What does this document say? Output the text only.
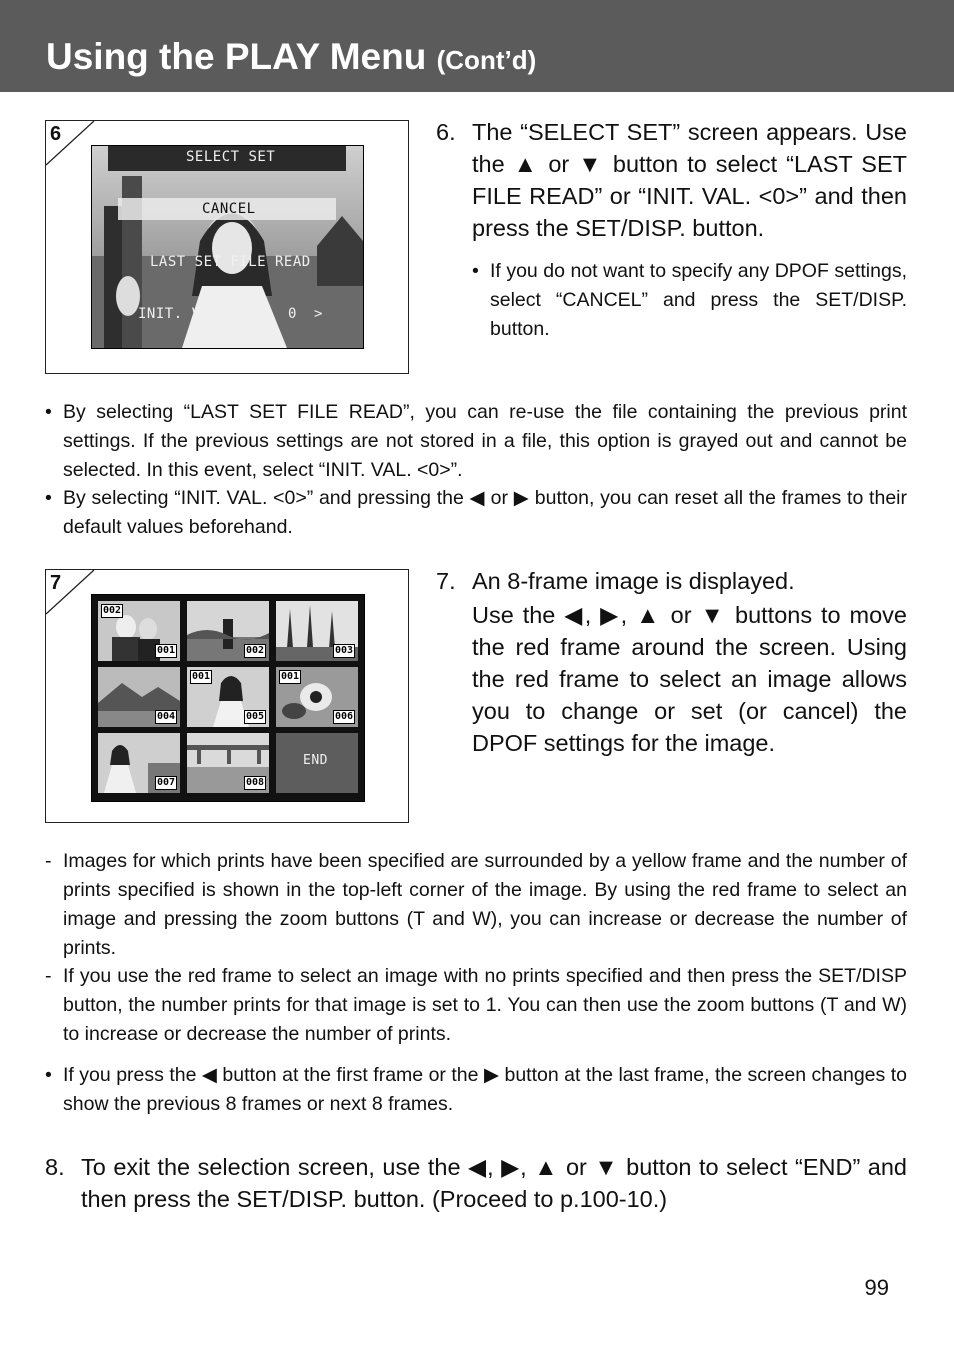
Using the PLAY Menu (Cont’d)
6
SELECT SET
CANCEL
LAST SET FILE READ
INIT. VAL. < 0 >
6. The “SELECT SET” screen appears. Use the ▲ or ▼ button to select “LAST SET FILE READ” or “INIT. VAL. <0>” and then press the SET/DISP. button.
• If you do not want to specify any DPOF settings, select “CANCEL” and press the SET/DISP. button.
• By selecting “LAST SET FILE READ”, you can re-use the file containing the previous print settings. If the previous settings are not stored in a file, this option is grayed out and cannot be selected. In this event, select “INIT. VAL. <0>”.
• By selecting “INIT. VAL. <0>” and pressing the ◀ or ▶ button, you can reset all the frames to their default values beforehand.
7
002
001	002	003
004
001
005
001
006
007	008
END
7. An 8-frame image is displayed.
Use the ◀, ▶, ▲ or ▼ buttons to move the red frame around the screen. Using the red frame to select an image allows you to change or set (or cancel) the DPOF settings for the image.
- Images for which prints have been specified are surrounded by a yellow frame and the number of prints specified is shown in the top-left corner of the image. By using the red frame to select an image and pressing the zoom buttons (T and W), you can increase or decrease the number of prints.
- If you use the red frame to select an image with no prints specified and then press the SET/DISP button, the number prints for that image is set to 1. You can then use the zoom buttons (T and W) to increase or decrease the number of prints.
• If you press the ◀ button at the first frame or the ▶ button at the last frame, the screen changes to show the previous 8 frames or next 8 frames.
8. To exit the selection screen, use the ◀, ▶, ▲ or ▼ button to select “END” and then press the SET/DISP. button. (Proceed to p.100-10.)
99
